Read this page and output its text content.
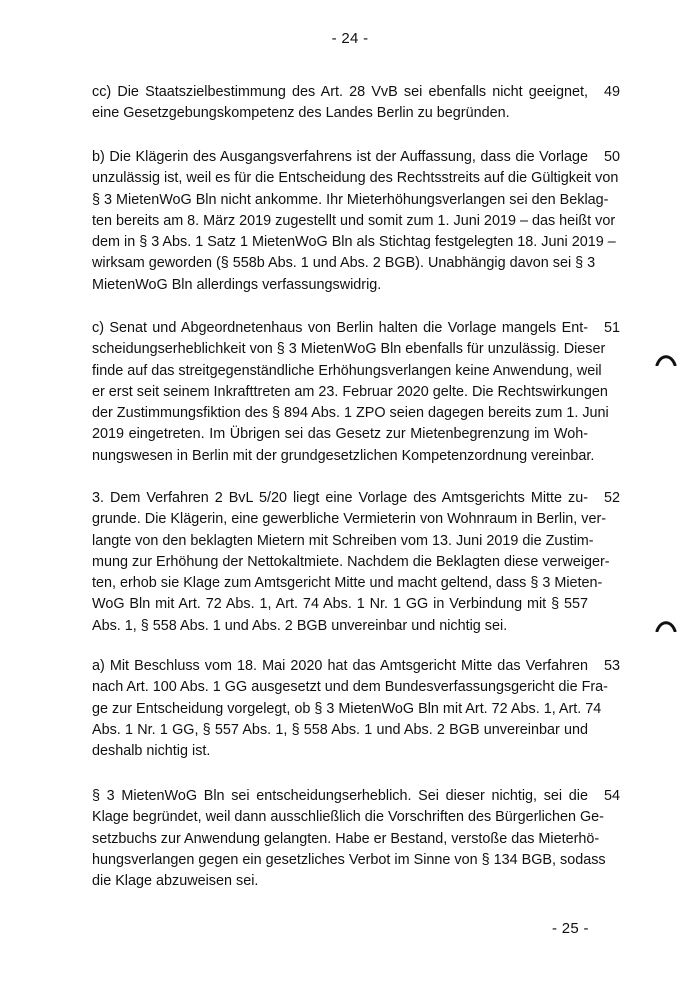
- 24 -
cc) Die Staatszielbestimmung des Art. 28 VvB sei ebenfalls nicht geeignet,
eine Gesetzgebungskompetenz des Landes Berlin zu begründen.
49
b) Die Klägerin des Ausgangsverfahrens ist der Auffassung, dass die Vorlage
unzulässig ist, weil es für die Entscheidung des Rechtsstreits auf die Gültigkeit von
§ 3 MietenWoG Bln nicht ankomme. Ihr Mieterhöhungsverlangen sei den Beklag-
ten bereits am 8. März 2019 zugestellt und somit zum 1. Juni 2019 – das heißt vor
dem in § 3 Abs. 1 Satz 1 MietenWoG Bln als Stichtag festgelegten 18. Juni 2019 –
wirksam geworden (§ 558b Abs. 1 und Abs. 2 BGB). Unabhängig davon sei § 3
MietenWoG Bln allerdings verfassungswidrig.
50
c) Senat und Abgeordnetenhaus von Berlin halten die Vorlage mangels Ent-
scheidungserheblichkeit von § 3 MietenWoG Bln ebenfalls für unzulässig. Dieser
finde auf das streitgegenständliche Erhöhungsverlangen keine Anwendung, weil
er erst seit seinem Inkrafttreten am 23. Februar 2020 gelte. Die Rechtswirkungen
der Zustimmungsfiktion des § 894 Abs. 1 ZPO seien dagegen bereits zum 1. Juni
2019 eingetreten. Im Übrigen sei das Gesetz zur Mietenbegrenzung im Woh-
nungswesen in Berlin mit der grundgesetzlichen Kompetenzordnung vereinbar.
51
3. Dem Verfahren 2 BvL 5/20 liegt eine Vorlage des Amtsgerichts Mitte zu-
grunde. Die Klägerin, eine gewerbliche Vermieterin von Wohnraum in Berlin, ver-
langte von den beklagten Mietern mit Schreiben vom 13. Juni 2019 die Zustim-
mung zur Erhöhung der Nettokaltmiete. Nachdem die Beklagten diese verweiger-
ten, erhob sie Klage zum Amtsgericht Mitte und macht geltend, dass § 3 Mieten-
WoG Bln mit Art. 72 Abs. 1, Art. 74 Abs. 1 Nr. 1 GG in Verbindung mit § 557
Abs. 1, § 558 Abs. 1 und Abs. 2 BGB unvereinbar und nichtig sei.
52
a) Mit Beschluss vom 18. Mai 2020 hat das Amtsgericht Mitte das Verfahren
nach Art. 100 Abs. 1 GG ausgesetzt und dem Bundesverfassungsgericht die Fra-
ge zur Entscheidung vorgelegt, ob § 3 MietenWoG Bln mit Art. 72 Abs. 1, Art. 74
Abs. 1 Nr. 1 GG, § 557 Abs. 1, § 558 Abs. 1 und Abs. 2 BGB unvereinbar und
deshalb nichtig ist.
53
§ 3 MietenWoG Bln sei entscheidungserheblich. Sei dieser nichtig, sei die
Klage begründet, weil dann ausschließlich die Vorschriften des Bürgerlichen Ge-
setzbuchs zur Anwendung gelangten. Habe er Bestand, verstoße das Mieterhö-
hungsverlangen gegen ein gesetzliches Verbot im Sinne von § 134 BGB, sodass
die Klage abzuweisen sei.
54
- 25 -
